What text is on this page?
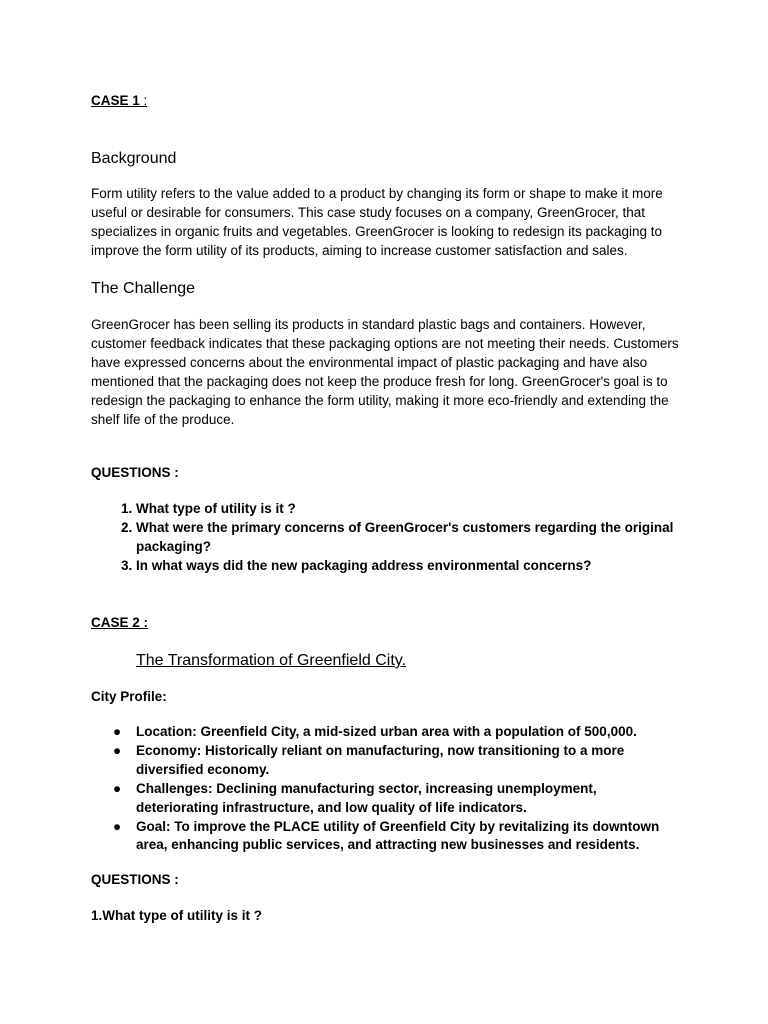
CASE 1 :
Background

Form utility refers to the value added to a product by changing its form or shape to make it more useful or desirable for consumers. This case study focuses on a company, GreenGrocer, that specializes in organic fruits and vegetables. GreenGrocer is looking to redesign its packaging to improve the form utility of its products, aiming to increase customer satisfaction and sales.

The Challenge

GreenGrocer has been selling its products in standard plastic bags and containers. However, customer feedback indicates that these packaging options are not meeting their needs. Customers have expressed concerns about the environmental impact of plastic packaging and have also mentioned that the packaging does not keep the produce fresh for long. GreenGrocer's goal is to redesign the packaging to enhance the form utility, making it more eco-friendly and extending the shelf life of the produce.

QUESTIONS :
1. What type of utility is it ?
2. What were the primary concerns of GreenGrocer's customers regarding the original packaging?
3. In what ways did the new packaging address environmental concerns?
CASE 2 :
The Transformation of Greenfield City.
City Profile:
● Location: Greenfield City, a mid-sized urban area with a population of 500,000.
● Economy: Historically reliant on manufacturing, now transitioning to a more diversified economy.
● Challenges: Declining manufacturing sector, increasing unemployment, deteriorating infrastructure, and low quality of life indicators.
● Goal: To improve the PLACE utility of Greenfield City by revitalizing its downtown area, enhancing public services, and attracting new businesses and residents.
QUESTIONS :
1.What type of utility is it ?
